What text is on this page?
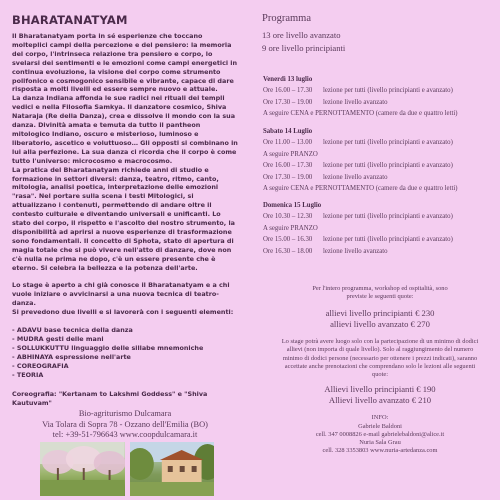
BHARATANATYAM

Il Bharatanatyam porta in sé esperienze che toccano molteplici campi della percezione e del pensiero: la memoria del corpo, l'intrinseca relazione tra pensiero e corpo, lo svelarsi dei sentimenti e le emozioni come campi energetici in continua evoluzione, la visione del corpo come strumento polifonico e cosmogonico sensibile e vibrante, capace di dare risposta a molti livelli ed essere sempre nuovo e attuale.

La danza Indiana affonda le sue radici nei rituali dei templi vedici e nella Filosofia Samkya. Il danzatore cosmico, Shiva Nataraja (Re della Danza), crea e dissolve il mondo con la sua danza. Divinità amata e temuta da tutto il pantheon mitologico Indiano, oscuro e misterioso, luminoso e liberatorio, ascetico e voluttuoso… Gli opposti si combinano in lui alla perfezione. La sua danza ci ricorda che il corpo è come tutto l'universo: microcosmo e macrocosmo.

La pratica del Bharatanatyam richiede anni di studio e formazione in settori diversi: danza, teatro, ritmo, canto, mitologia, analisi poetica, interpretazione delle emozioni "rasa". Nel portare sulla scena i testi Mitologici, si attualizzano i contenuti, permettendo di andare oltre il contesto culturale e diventando universali e unificanti. Lo stato del corpo, il rispetto e l'ascolto del nostro strumento, la disponibilità ad aprirsi a nuove esperienze di trasformazione sono fondamentali. Il concetto di Sphota, stato di apertura di magia totale che si può vivere nell'atto di danzare, dove non c'è nulla ne prima ne dopo, c'è un essere presente che è eterno. Si celebra la bellezza e la potenza dell'arte.

Lo stage è aperto a chi già conosce il Bharatanatyam e a chi vuole iniziare o avvicinarsi a una nuova tecnica di teatro-danza.

Si prevedono due livelli e si lavorerà con i seguenti elementi:

- ADAVU base tecnica della danza
- MUDRA gesti delle mani
- SOLLUKKUTTU linguaggio delle sillabe mnemoniche
- ABHINAYA espressione nell'arte
- COREOGRAFIA
- TEORIA
Coreografia: "Kertanam to Lakshmi Goddess" e "Shiva Kautuvam"
Bio-agriturismo Dulcamara
Via Tolara di Sopra 78 - Ozzano dell'Emilia (BO)
tel: +39-51-796643 www.coopdulcamara.it
Programma
13 ore livello avanzato
9 ore livello principianti
Venerdì 13 luglio
Ore 16.00 – 17.30	lezione per tutti (livello principianti e avanzato)
Ore 17.30 – 19.00	lezione livello avanzato
A seguire CENA e PERNOTTAMENTO (camere da due e quattro letti)
Sabato 14 Luglio
Ore 11.00 – 13.00	lezione per tutti (livello principianti e avanzato)
A seguire PRANZO
Ore 16.00 – 17.30	lezione per tutti (livello principianti e avanzato)
Ore 17.30 – 19.00	lezione livello avanzato
A seguire CENA e PERNOTTAMENTO (camere da due e quattro letti)
Domenica 15 Luglio
Ore 10.30 – 12.30	lezione per tutti (livello principianti e avanzato)
A seguire PRANZO
Ore 15.00 – 16.30	lezione per tutti (livello principianti e avanzato)
Ore 16.30 – 18.00	lezione livello avanzato

Per l'intero programma, workshop ed ospitalità, sono previste le seguenti quote:

allievi livello principianti € 230

allievi livello avanzato € 270

Lo stage potrà avere luogo solo con la partecipazione di un minimo di dodici allievi (non importa di quale livello). Solo al raggiungimento del numero minimo di dodici persone (necessario per ottenere i prezzi indicati), saranno accettate anche prenotazioni che comprendano solo le lezioni alle seguenti quote:

Allievi livello principianti € 190

Allievi livello avanzato € 210

INFO:

Gabriele Baldoni

cell. 347 0008826 e-mail gabrielebaldoni@alice.it

Nuria Sala Grau

cell. 328 3353803 www.nuria-artedanza.com
